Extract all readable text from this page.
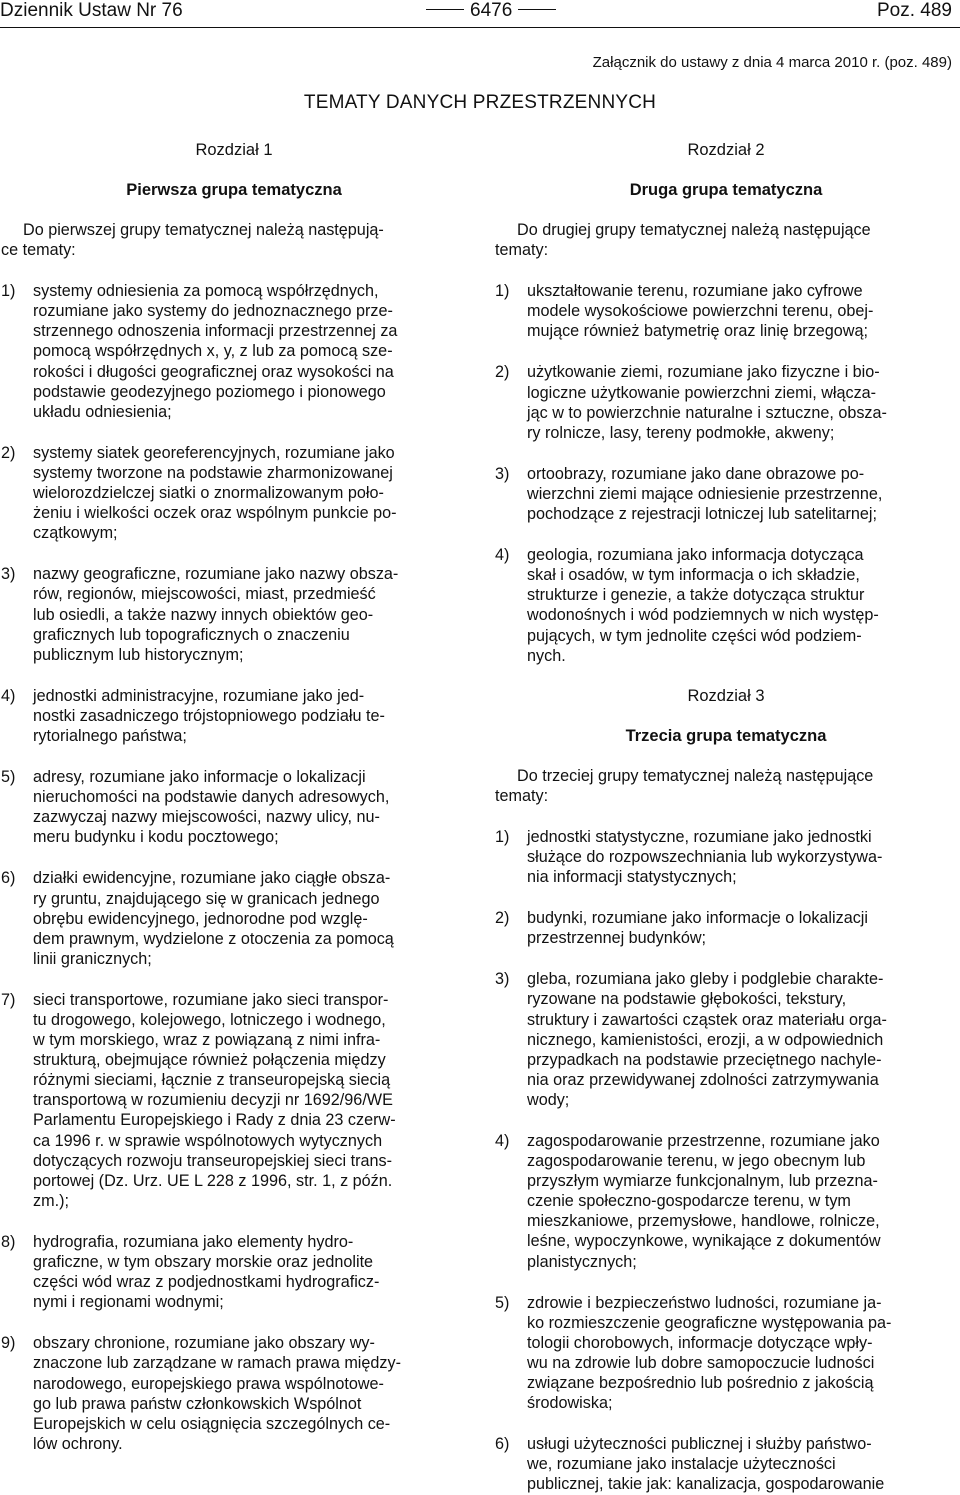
Dziennik Ustaw Nr 76	6476	Poz. 489
Załącznik do ustawy z dnia 4 marca 2010 r. (poz. 489)
TEMATY DANYCH PRZESTRZENNYCH
Rozdział 1
Pierwsza grupa tematyczna
Do pierwszej grupy tematycznej należą następują-
ce tematy:
1)	systemy odniesienia za pomocą współrzędnych,
rozumiane jako systemy do jednoznacznego prze-
strzennego odnoszenia informacji przestrzennej za
pomocą współrzędnych x, y, z lub za pomocą sze-
rokości i długości geograficznej oraz wysokości na
podstawie geodezyjnego poziomego i pionowego
układu odniesienia;
2)	systemy siatek georeferencyjnych, rozumiane jako
systemy tworzone na podstawie zharmonizowanej
wielorozdzielczej siatki o znormalizowanym poło-
żeniu i wielkości oczek oraz wspólnym punkcie po-
czątkowym;
3)	nazwy geograficzne, rozumiane jako nazwy obsza-
rów, regionów, miejscowości, miast, przedmieść
lub osiedli, a także nazwy innych obiektów geo-
graficznych lub topograficznych o znaczeniu
publicznym lub historycznym;
4)	jednostki administracyjne, rozumiane jako jed-
nostki zasadniczego trójstopniowego podziału te-
rytorialnego państwa;
5)	adresy, rozumiane jako informacje o lokalizacji
nieruchomości na podstawie danych adresowych,
zazwyczaj nazwy miejscowości, nazwy ulicy, nu-
meru budynku i kodu pocztowego;
6)	działki ewidencyjne, rozumiane jako ciągłe obsza-
ry gruntu, znajdującego się w granicach jednego
obrębu ewidencyjnego, jednorodne pod wzglę-
dem prawnym, wydzielone z otoczenia za pomocą
linii granicznych;
7)	sieci transportowe, rozumiane jako sieci transpor-
tu drogowego, kolejowego, lotniczego i wodnego,
w tym morskiego, wraz z powiązaną z nimi infra-
strukturą, obejmujące również połączenia między
różnymi sieciami, łącznie z transeuropejską siecią
transportową w rozumieniu decyzji nr 1692/96/WE
Parlamentu Europejskiego i Rady z dnia 23 czerw-
ca 1996 r. w sprawie wspólnotowych wytycznych
dotyczących rozwoju transeuropejskiej sieci trans-
portowej (Dz. Urz. UE L 228 z 1996, str. 1, z późn.
zm.);
8)	hydrografia, rozumiana jako elementy hydro-
graficzne, w tym obszary morskie oraz jednolite
części wód wraz z podjednostkami hydrograficz-
nymi i regionami wodnymi;
9)	obszary chronione, rozumiane jako obszary wy-
znaczone lub zarządzane w ramach prawa między-
narodowego, europejskiego prawa wspólnotowe-
go lub prawa państw członkowskich Wspólnot
Europejskich w celu osiągnięcia szczególnych ce-
lów ochrony.
Rozdział 2
Druga grupa tematyczna
Do drugiej grupy tematycznej należą następujące
tematy:
1)	ukształtowanie terenu, rozumiane jako cyfrowe
modele wysokościowe powierzchni terenu, obej-
mujące również batymetrię oraz linię brzegową;
2)	użytkowanie ziemi, rozumiane jako fizyczne i bio-
logiczne użytkowanie powierzchni ziemi, włącza-
jąc w to powierzchnie naturalne i sztuczne, obsza-
ry rolnicze, lasy, tereny podmokłe, akweny;
3)	ortoobrazy, rozumiane jako dane obrazowe po-
wierzchni ziemi mające odniesienie przestrzenne,
pochodzące z rejestracji lotniczej lub satelitarnej;
4)	geologia, rozumiana jako informacja dotycząca
skał i osadów, w tym informacja o ich składzie,
strukturze i genezie, a także dotycząca struktur
wodonośnych i wód podziemnych w nich występ-
pujących, w tym jednolite części wód podziem-
nych.
Rozdział 3
Trzecia grupa tematyczna
Do trzeciej grupy tematycznej należą następujące
tematy:
1)	jednostki statystyczne, rozumiane jako jednostki
służące do rozpowszechniania lub wykorzystywa-
nia informacji statystycznych;
2)	budynki, rozumiane jako informacje o lokalizacji
przestrzennej budynków;
3)	gleba, rozumiana jako gleby i podglebie charakte-
ryzowane na podstawie głębokości, tekstury,
struktury i zawartości cząstek oraz materiału orga-
nicznego, kamienistości, erozji, a w odpowiednich
przypadkach na podstawie przeciętnego nachyle-
nia oraz przewidywanej zdolności zatrzymywania
wody;
4)	zagospodarowanie przestrzenne, rozumiane jako
zagospodarowanie terenu, w jego obecnym lub
przyszłym wymiarze funkcjonalnym, lub przezna-
czenie społeczno-gospodarcze terenu, w tym
mieszkaniowe, przemysłowe, handlowe, rolnicze,
leśne, wypoczynkowe, wynikające z dokumentów
planistycznych;
5)	zdrowie i bezpieczeństwo ludności, rozumiane ja-
ko rozmieszczenie geograficzne występowania pa-
tologii chorobowych, informacje dotyczące wpły-
wu na zdrowie lub dobre samopoczucie ludności
związane bezpośrednio lub pośrednio z jakością
środowiska;
6)	usługi użyteczności publicznej i służby państwo-
we, rozumiane jako instalacje użyteczności
publicznej, takie jak: kanalizacja, gospodarowanie
